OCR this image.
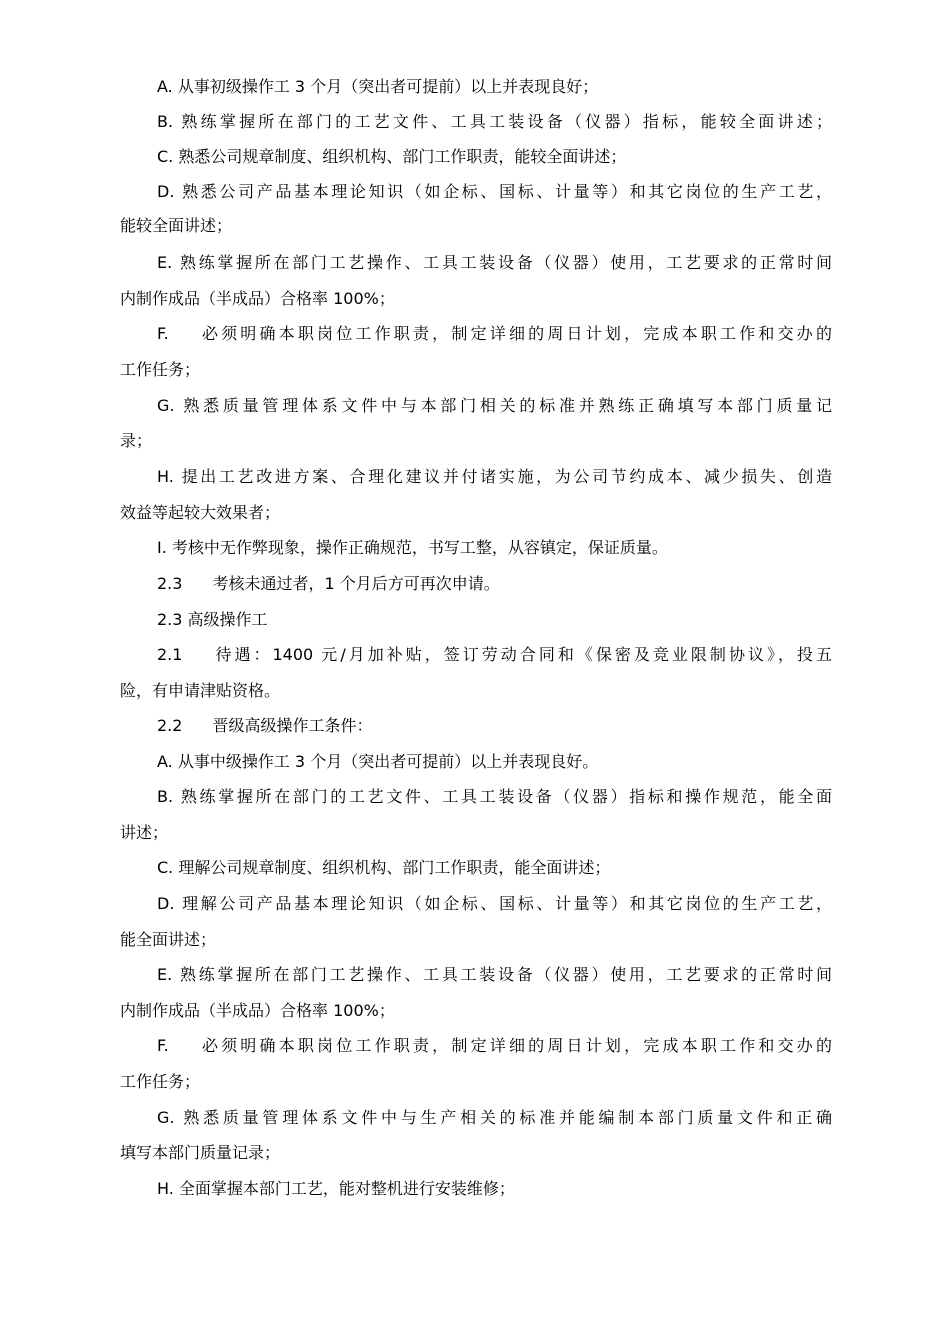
A. 从事初级操作工 3 个月（突出者可提前）以上并表现良好；
B. 熟练掌握所在部门的工艺文件、工具工装设备（仪器）指标，能较全面讲述；
C. 熟悉公司规章制度、组织机构、部门工作职责，能较全面讲述；
D. 熟悉公司产品基本理论知识（如企标、国标、计量等）和其它岗位的生产工艺，
能较全面讲述；
E. 熟练掌握所在部门工艺操作、工具工装设备（仪器）使用，工艺要求的正常时间
内制作成品（半成品）合格率 100%；
F. 必须明确本职岗位工作职责，制定详细的周日计划，完成本职工作和交办的
工作任务；
G. 熟悉质量管理体系文件中与本部门相关的标准并熟练正确填写本部门质量记
录；
H. 提出工艺改进方案、合理化建议并付诸实施，为公司节约成本、减少损失、创造
效益等起较大效果者；
I. 考核中无作弊现象，操作正确规范，书写工整，从容镇定，保证质量。
2.3 考核未通过者，1 个月后方可再次申请。
2.3 高级操作工
2.1 待遇：1400 元/月加补贴，签订劳动合同和《保密及竞业限制协议》，投五
险，有申请津贴资格。
2.2 晋级高级操作工条件：
A. 从事中级操作工 3 个月（突出者可提前）以上并表现良好。
B. 熟练掌握所在部门的工艺文件、工具工装设备（仪器）指标和操作规范，能全面
讲述；
C. 理解公司规章制度、组织机构、部门工作职责，能全面讲述；
D. 理解公司产品基本理论知识（如企标、国标、计量等）和其它岗位的生产工艺，
能全面讲述；
E. 熟练掌握所在部门工艺操作、工具工装设备（仪器）使用，工艺要求的正常时间
内制作成品（半成品）合格率 100%；
F. 必须明确本职岗位工作职责，制定详细的周日计划，完成本职工作和交办的
工作任务；
G. 熟悉质量管理体系文件中与生产相关的标准并能编制本部门质量文件和正确
填写本部门质量记录；
H. 全面掌握本部门工艺，能对整机进行安装维修；
